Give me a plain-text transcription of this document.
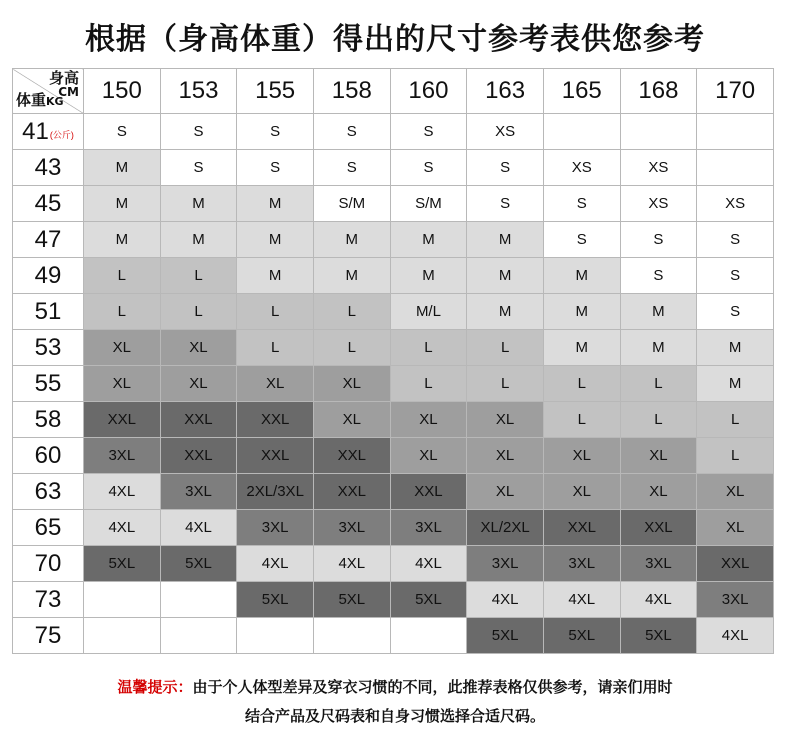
根据（身高体重）得出的尺寸参考表供您参考
身高
CM
体重KG	150	153	155	158	160	163	165	168	170
41(公斤)	S	S	S	S	S	XS			
43	M	S	S	S	S	S	XS	XS	
45	M	M	M	S/M	S/M	S	S	XS	XS
47	M	M	M	M	M	M	S	S	S
49	L	L	M	M	M	M	M	S	S
51	L	L	L	L	M/L	M	M	M	S
53	XL	XL	L	L	L	L	M	M	M
55	XL	XL	XL	XL	L	L	L	L	M
58	XXL	XXL	XXL	XL	XL	XL	L	L	L
60	3XL	XXL	XXL	XXL	XL	XL	XL	XL	L
63	4XL	3XL	2XL/3XL	XXL	XXL	XL	XL	XL	XL
65	4XL	4XL	3XL	3XL	3XL	XL/2XL	XXL	XXL	XL
70	5XL	5XL	4XL	4XL	4XL	3XL	3XL	3XL	XXL
73			5XL	5XL	5XL	4XL	4XL	4XL	3XL
75						5XL	5XL	5XL	4XL
温馨提示：由于个人体型差异及穿衣习惯的不同，此推荐表格仅供参考，请亲们用时
结合产品及尺码表和自身习惯选择合适尺码。
